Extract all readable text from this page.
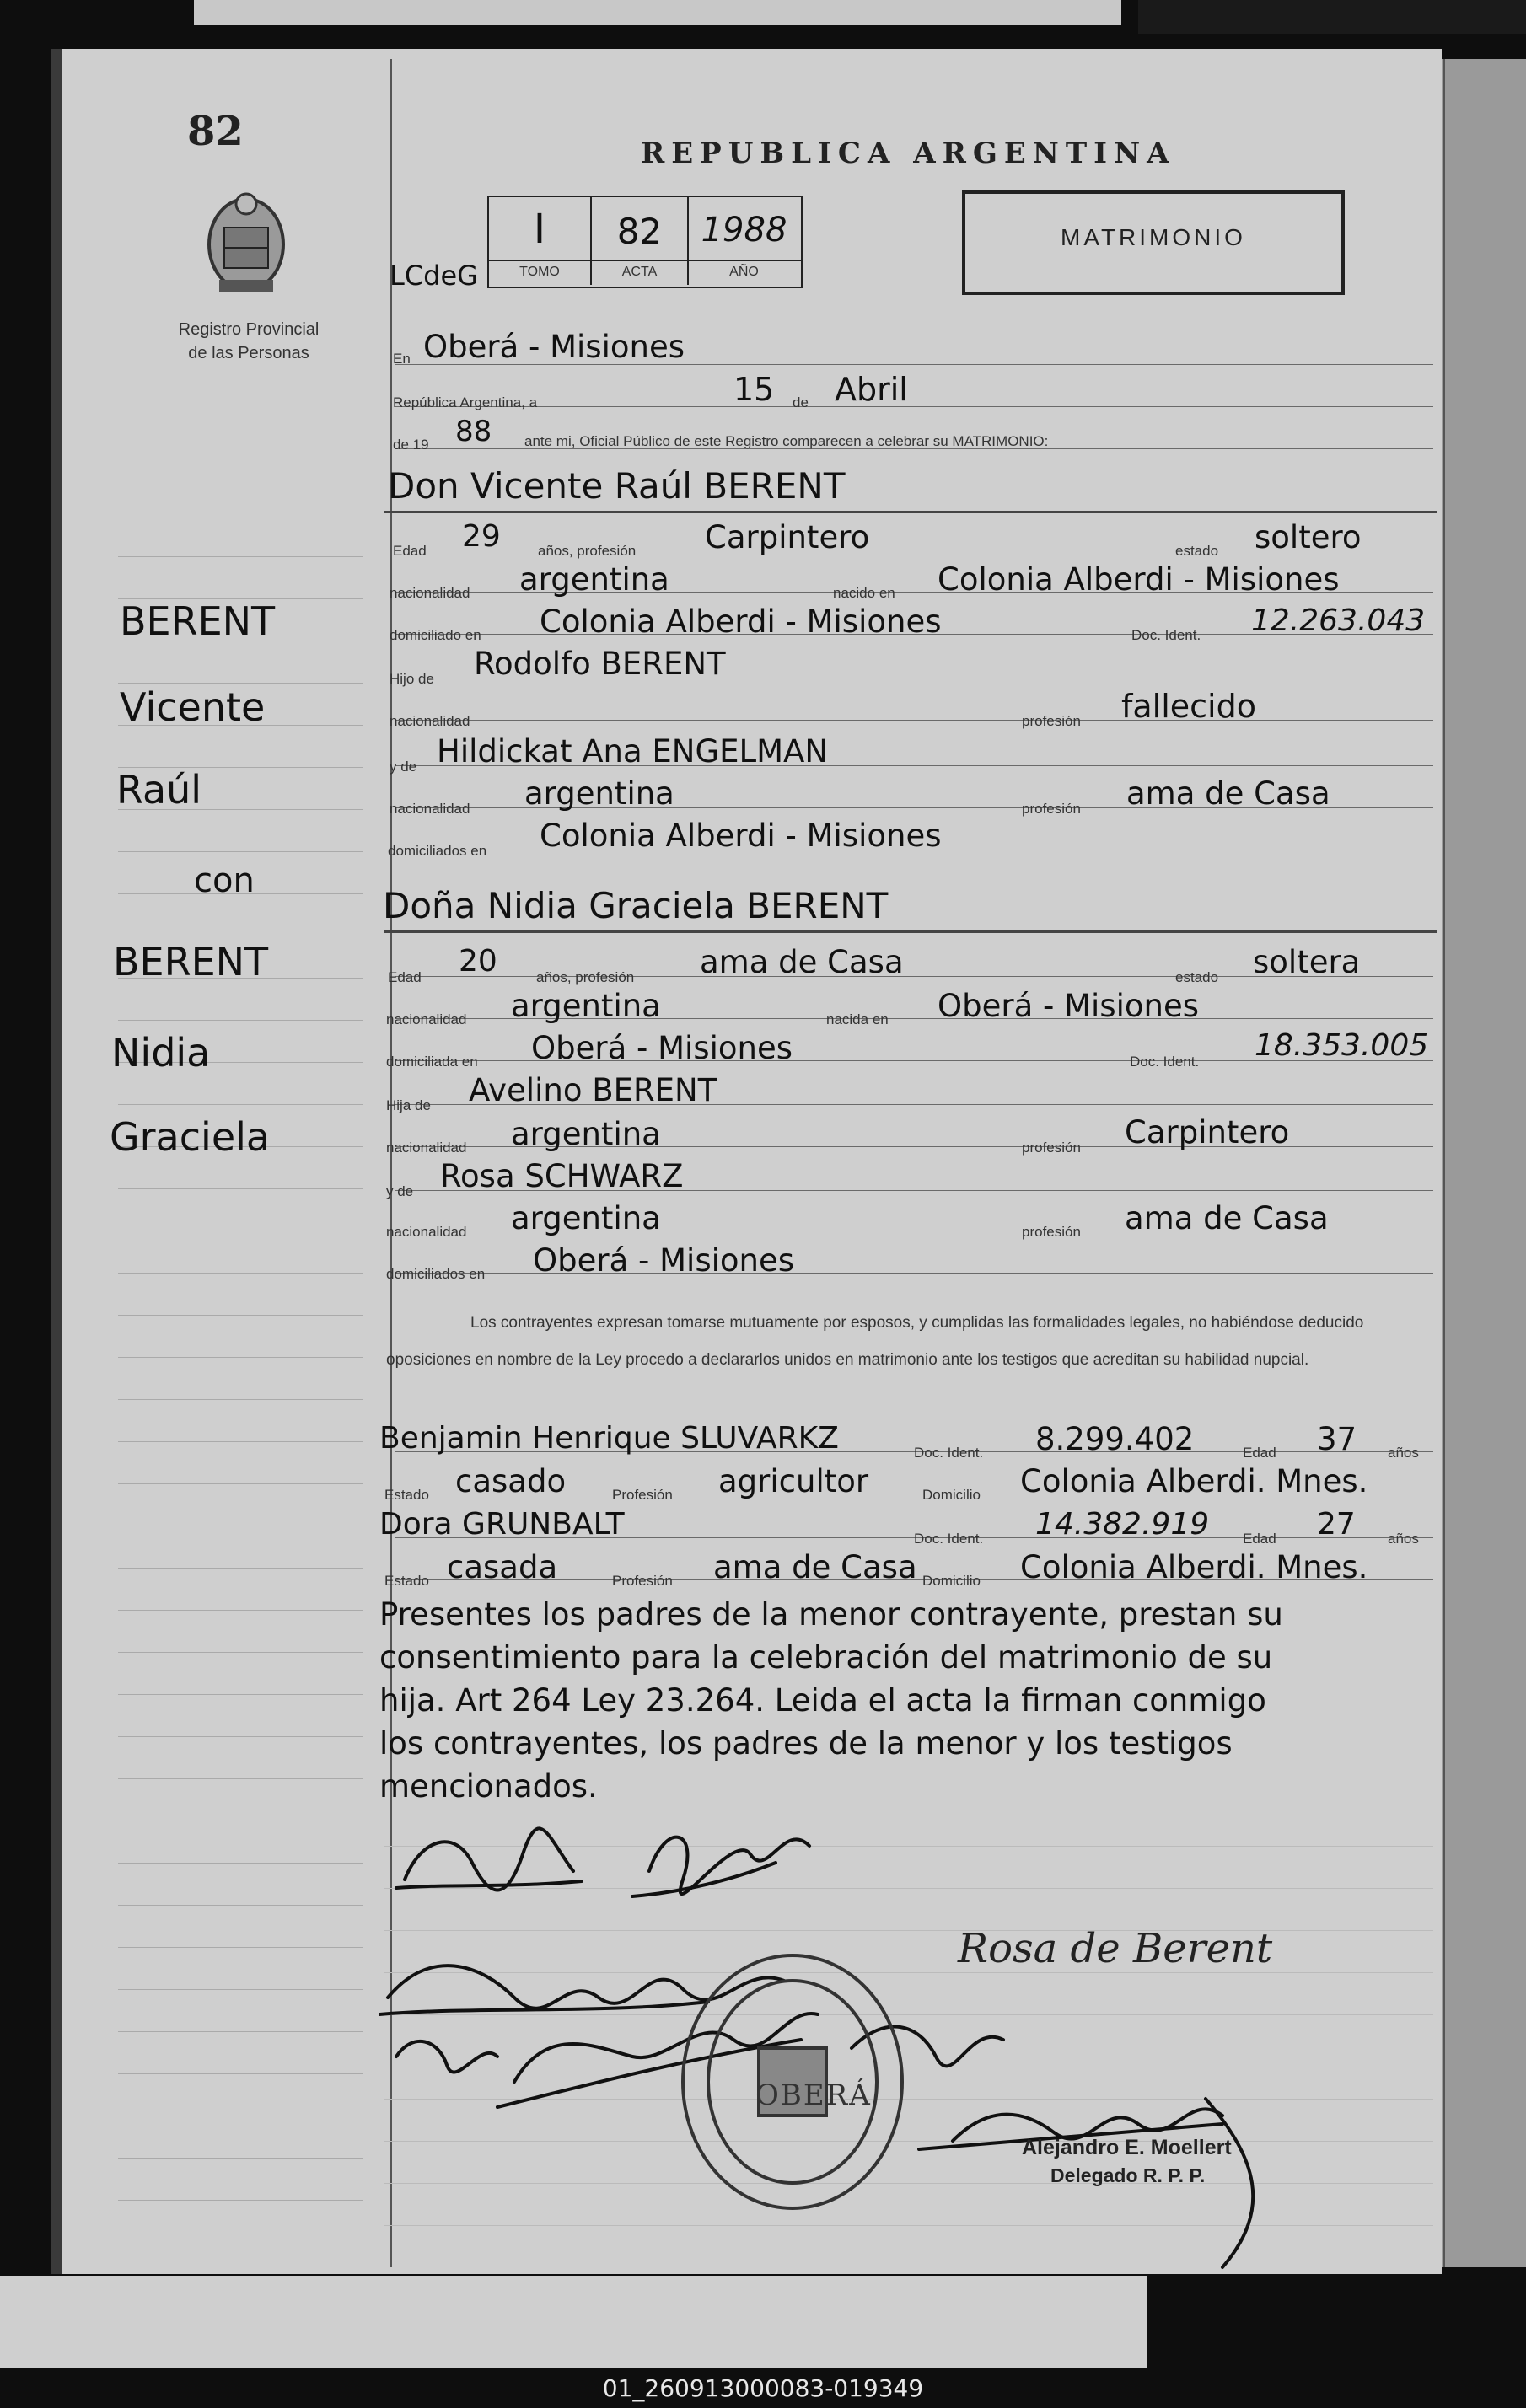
82
Registro Provincial
de las Personas
REPUBLICA ARGENTINA
LCdeG
I	82	1988
TOMO	ACTA	AÑO
MATRIMONIO
En Oberá - Misiones
República Argentina, a	15 de Abril
de 19 88 ante mi, Oficial Público de este Registro comparecen a celebrar su MATRIMONIO:
Don Vicente Raúl BERENT
Edad 29	años, profesión Carpintero	estado soltero
nacionalidad argentina	nacido en Colonia Alberdi - Misiones
domiciliado en Colonia Alberdi - Misiones	Doc. Ident. 12.263.043
Hijo de Rodolfo BERENT
nacionalidad	profesión fallecido
y de Hildickat Ana ENGELMAN
nacionalidad argentina	profesión ama de Casa
domiciliados en Colonia Alberdi - Misiones
Doña Nidia Graciela BERENT
Edad 20	años, profesión ama de Casa	estado soltera
nacionalidad argentina	nacida en Oberá - Misiones
domiciliada en Oberá - Misiones	Doc. Ident. 18.353.005
Hija de Avelino BERENT
nacionalidad argentina	profesión Carpintero
y de Rosa SCHWARZ
nacionalidad argentina	profesión ama de Casa
domiciliados en Oberá - Misiones
Los contrayentes expresan tomarse mutuamente por esposos, y cumplidas las formalidades legales, no habiéndose deducido oposiciones en nombre de la Ley procedo a declararlos unidos en matrimonio ante los testigos que acreditan su habilidad nupcial.
Benjamin Henrique SLUVARKZ	Doc. Ident. 8.299.402	Edad 37 años
Estado casado	Profesión agricultor	Domicilio Colonia Alberdi. Mnes.
Dora GRUNBALT	Doc. Ident. 14.382.919 Edad 27 años
Estado casada	Profesión ama de Casa Domicilio Colonia Alberdi. Mnes.
Presentes los padres de la menor contrayente, prestan su
consentimiento para la celebración del matrimonio de su
hija. Art 264 Ley 23.264. Leida el acta la firman conmigo
los contrayentes, los padres de la menor y los testigos
mencionados.
BERENT
Vicente
Raúl
con
BERENT
Nidia
Graciela
Rosa de Berent
OBERÁ
Alejandro E. Moellert
Delegado R. P. P.
01_260913000083-019349
